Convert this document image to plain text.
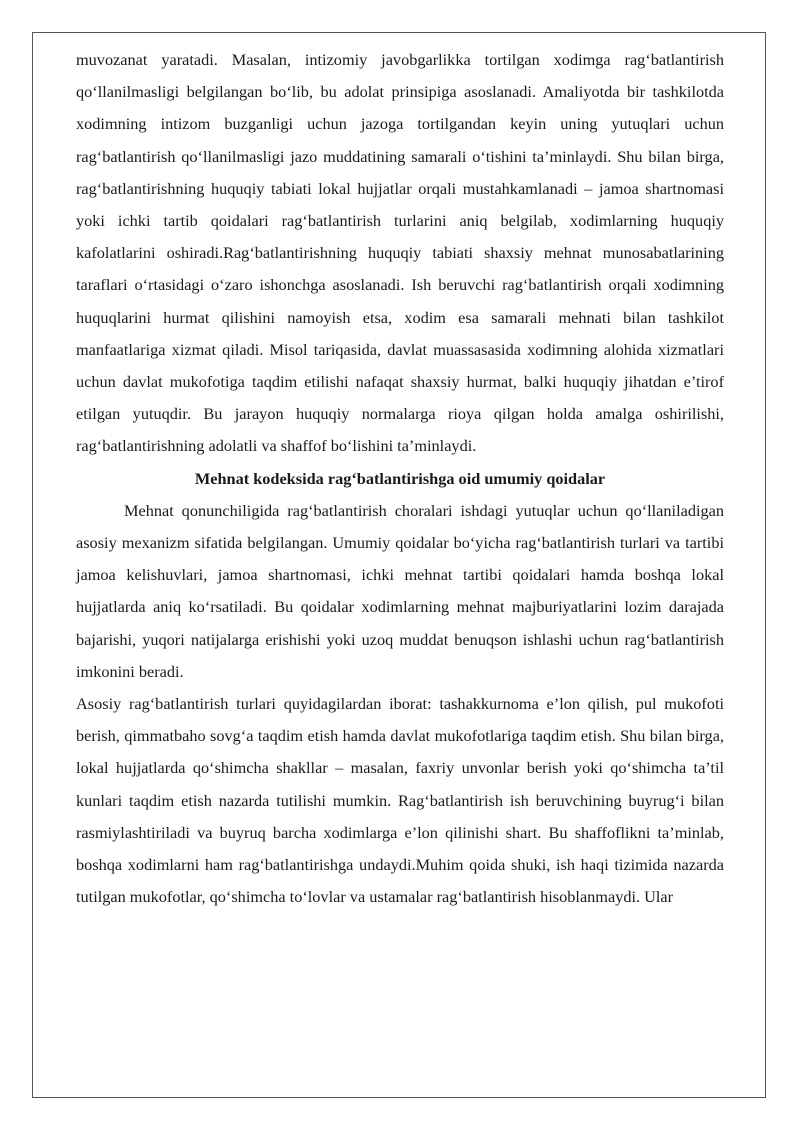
muvozanat yaratadi. Masalan, intizomiy javobgarlikka tortilgan xodimga rag‘batlantirish qo‘llanilmasligi belgilangan bo‘lib, bu adolat prinsipiga asoslanadi. Amaliyotda bir tashkilotda xodimning intizom buzganligi uchun jazoga tortilgandan keyin uning yutuqlari uchun rag‘batlantirish qo‘llanilmasligi jazo muddatining samarali o‘tishini ta’minlaydi. Shu bilan birga, rag‘batlantirishning huquqiy tabiati lokal hujjatlar orqali mustahkamlanadi – jamoa shartnomasi yoki ichki tartib qoidalari rag‘batlantirish turlarini aniq belgilab, xodimlarning huquqiy kafolatlarini oshiradi.Rag‘batlantirishning huquqiy tabiati shaxsiy mehnat munosabatlarining taraflari o‘rtasidagi o‘zaro ishonchga asoslanadi. Ish beruvchi rag‘batlantirish orqali xodimning huquqlarini hurmat qilishini namoyish etsa, xodim esa samarali mehnati bilan tashkilot manfaatlariga xizmat qiladi. Misol tariqasida, davlat muassasasida xodimning alohida xizmatlari uchun davlat mukofotiga taqdim etilishi nafaqat shaxsiy hurmat, balki huquqiy jihatdan e’tirof etilgan yutuqdir. Bu jarayon huquqiy normalarga rioya qilgan holda amalga oshirilishi, rag‘batlantirishning adolatli va shaffof bo‘lishini ta’minlaydi.

Mehnat kodeksida rag‘batlantirishga oid umumiy qoidalar

Mehnat qonunchiligida rag‘batlantirish choralari ishdagi yutuqlar uchun qo‘llaniladigan asosiy mexanizm sifatida belgilangan. Umumiy qoidalar bo‘yicha rag‘batlantirish turlari va tartibi jamoa kelishuvlari, jamoa shartnomasi, ichki mehnat tartibi qoidalari hamda boshqa lokal hujjatlarda aniq ko‘rsatiladi. Bu qoidalar xodimlarning mehnat majburiyatlarini lozim darajada bajarishi, yuqori natijalarga erishishi yoki uzoq muddat benuqson ishlashi uchun rag‘batlantirish imkonini beradi.

Asosiy rag‘batlantirish turlari quyidagilardan iborat: tashakkurnoma e’lon qilish, pul mukofoti berish, qimmatbaho sovg‘a taqdim etish hamda davlat mukofotlariga taqdim etish. Shu bilan birga, lokal hujjatlarda qo‘shimcha shakllar – masalan, faxriy unvonlar berish yoki qo‘shimcha ta’til kunlari taqdim etish nazarda tutilishi mumkin. Rag‘batlantirish ish beruvchining buyrug‘i bilan rasmiylashtiriladi va buyruq barcha xodimlarga e’lon qilinishi shart. Bu shaffoflikni ta’minlab, boshqa xodimlarni ham rag‘batlantirishga undaydi.Muhim qoida shuki, ish haqi tizimida nazarda tutilgan mukofotlar, qo‘shimcha to‘lovlar va ustamalar rag‘batlantirish hisoblanmaydi. Ular
